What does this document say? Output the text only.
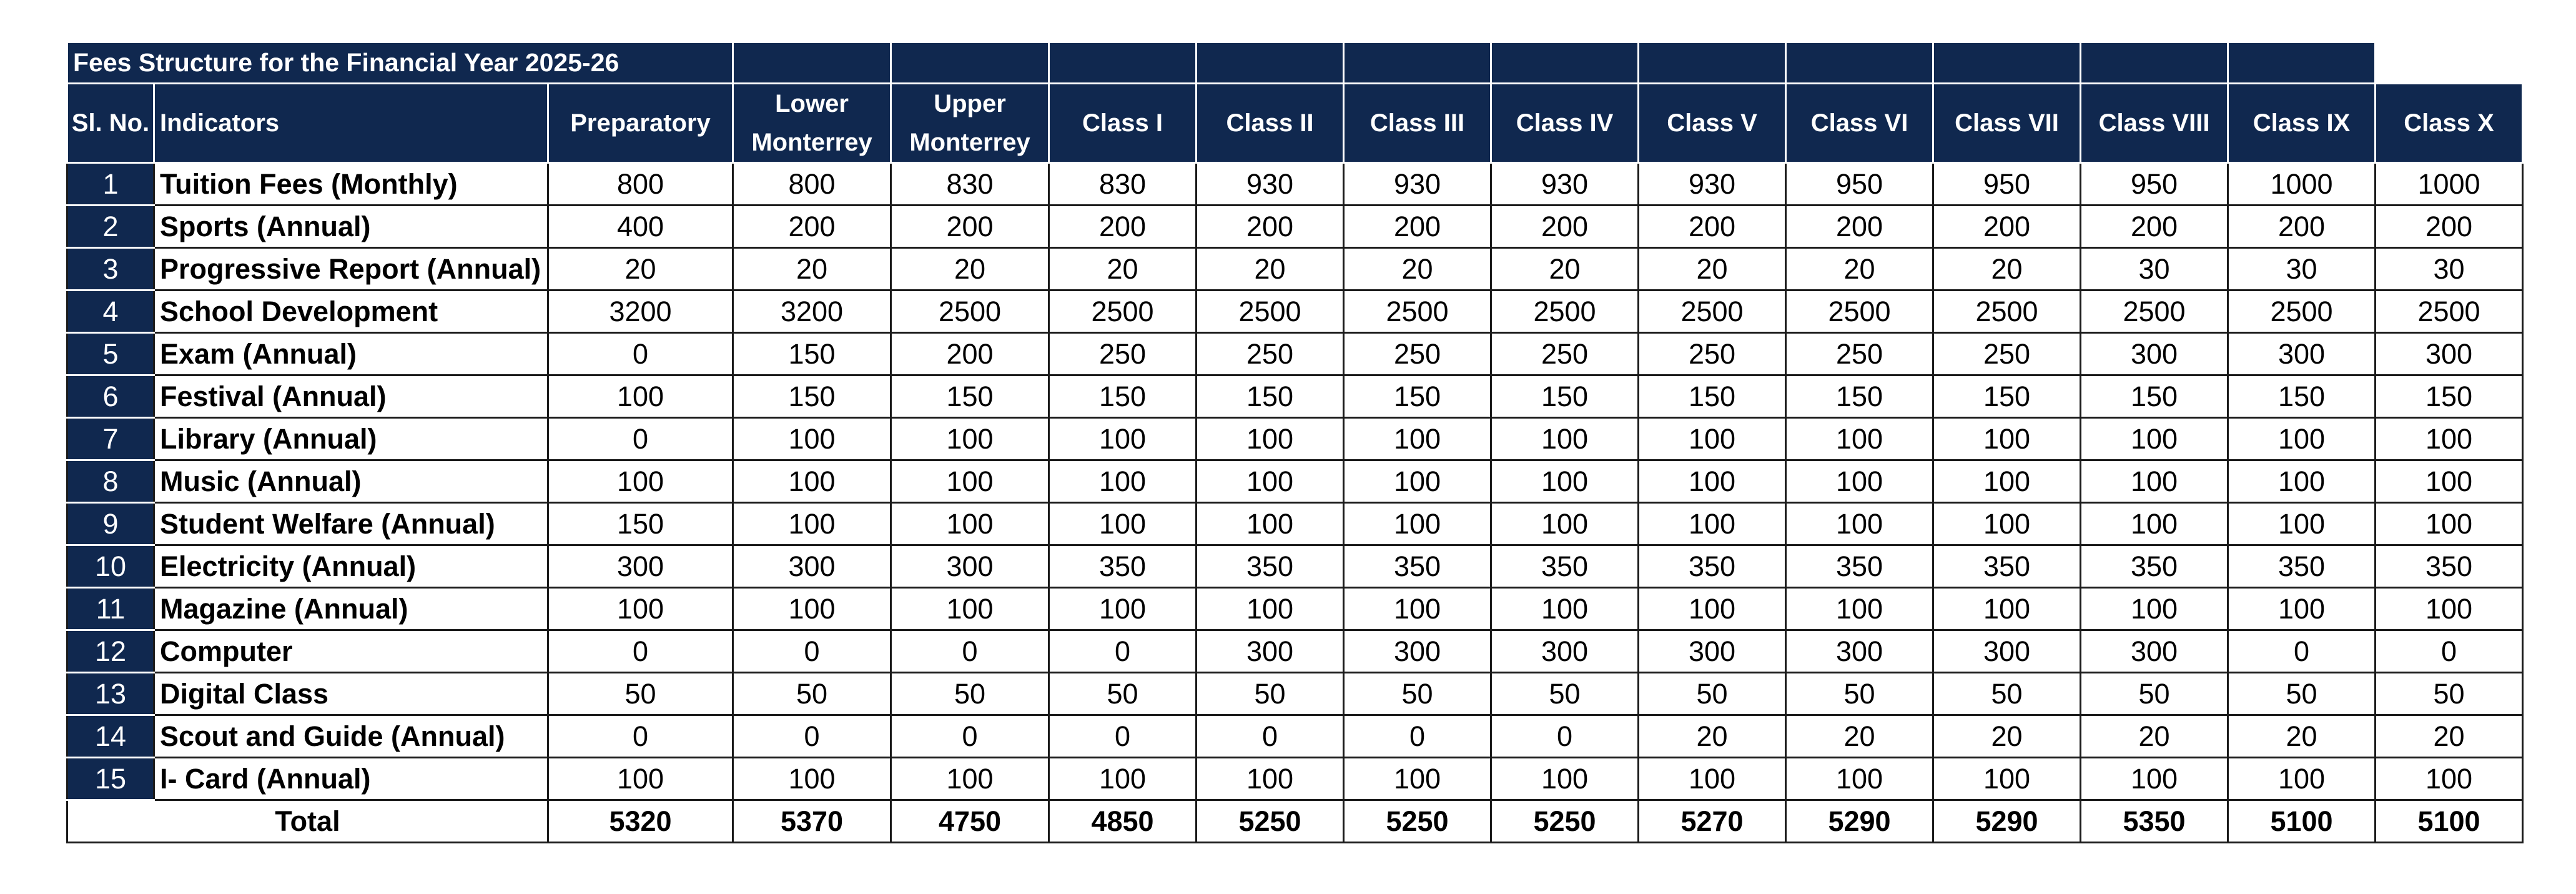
Fees Structure for the Financial Year 2025-26														
Sl. No.	Indicators	Preparatory	Lower Monterrey	Upper Monterrey	Class I	Class II	Class III	Class IV	Class V	Class VI	Class VII	Class VIII	Class IX	Class X
1	Tuition Fees (Monthly)	800	800	830	830	930	930	930	930	950	950	950	1000	1000
2	Sports (Annual)	400	200	200	200	200	200	200	200	200	200	200	200	200
3	Progressive Report (Annual)	20	20	20	20	20	20	20	20	20	20	30	30	30
4	School Development	3200	3200	2500	2500	2500	2500	2500	2500	2500	2500	2500	2500	2500
5	Exam (Annual)	0	150	200	250	250	250	250	250	250	250	300	300	300
6	Festival (Annual)	100	150	150	150	150	150	150	150	150	150	150	150	150
7	Library (Annual)	0	100	100	100	100	100	100	100	100	100	100	100	100
8	Music (Annual)	100	100	100	100	100	100	100	100	100	100	100	100	100
9	Student Welfare (Annual)	150	100	100	100	100	100	100	100	100	100	100	100	100
10	Electricity (Annual)	300	300	300	350	350	350	350	350	350	350	350	350	350
11	Magazine (Annual)	100	100	100	100	100	100	100	100	100	100	100	100	100
12	Computer	0	0	0	0	300	300	300	300	300	300	300	0	0
13	Digital Class	50	50	50	50	50	50	50	50	50	50	50	50	50
14	Scout and Guide (Annual)	0	0	0	0	0	0	0	20	20	20	20	20	20
15	I- Card (Annual)	100	100	100	100	100	100	100	100	100	100	100	100	100
Total		5320	5370	4750	4850	5250	5250	5250	5270	5290	5290	5350	5100	5100
